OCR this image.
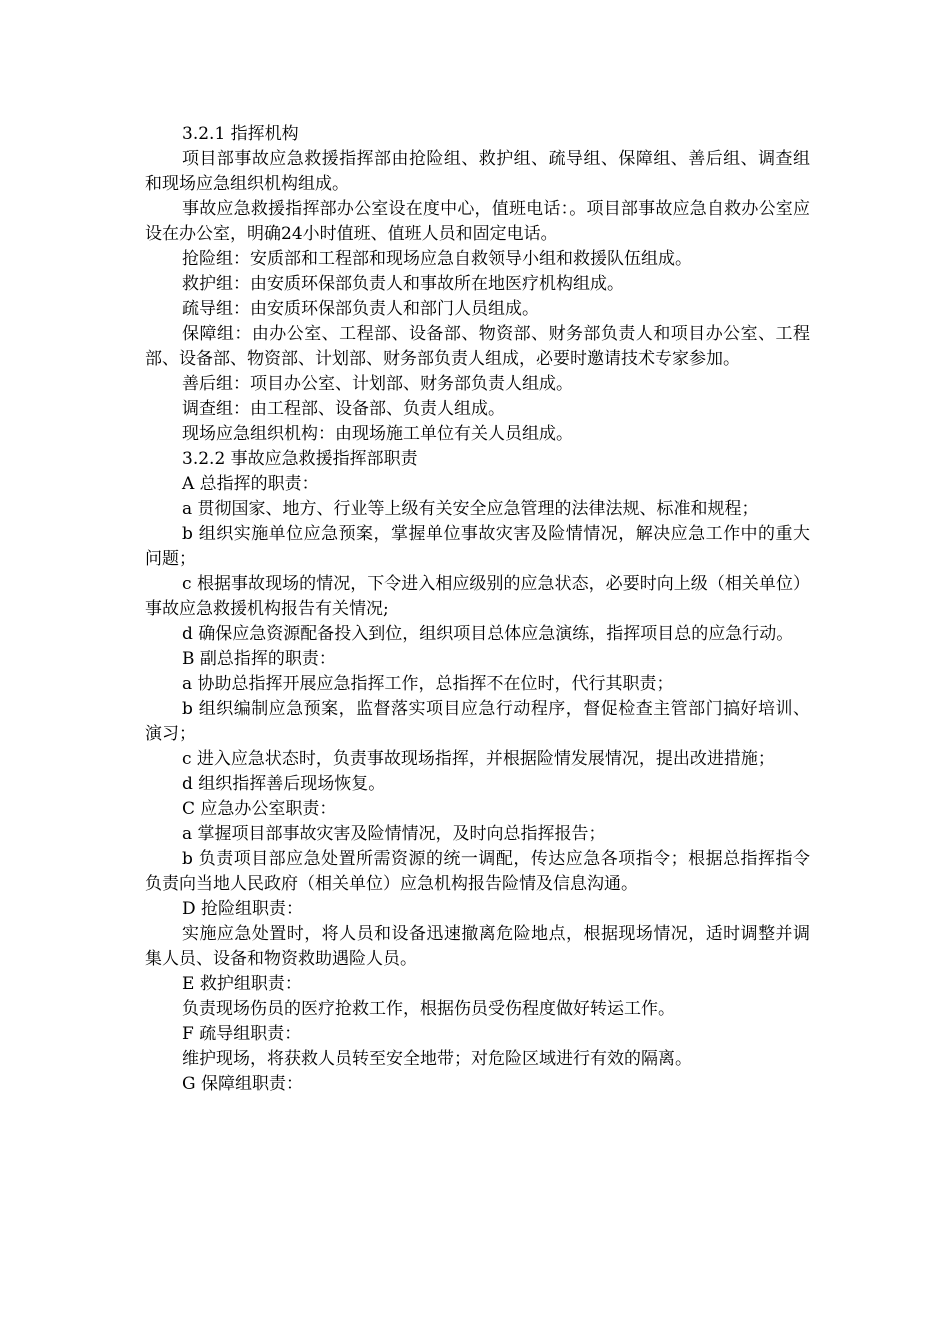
3.2.1 指挥机构

项目部事故应急救援指挥部由抢险组、救护组、疏导组、保障组、善后组、调查组和现场应急组织机构组成。

事故应急救援指挥部办公室设在度中心，值班电话：。项目部事故应急自救办公室应设在办公室，明确24小时值班、值班人员和固定电话。

抢险组：安质部和工程部和现场应急自救领导小组和救援队伍组成。

救护组：由安质环保部负责人和事故所在地医疗机构组成。

疏导组：由安质环保部负责人和部门人员组成。

保障组：由办公室、工程部、设备部、物资部、财务部负责人和项目办公室、工程部、设备部、物资部、计划部、财务部负责人组成，必要时邀请技术专家参加。

善后组：项目办公室、计划部、财务部负责人组成。

调查组：由工程部、设备部、负责人组成。

现场应急组织机构：由现场施工单位有关人员组成。

3.2.2 事故应急救援指挥部职责

A 总指挥的职责：

a 贯彻国家、地方、行业等上级有关安全应急管理的法律法规、标准和规程；

b 组织实施单位应急预案，掌握单位事故灾害及险情情况，解决应急工作中的重大问题；

c 根据事故现场的情况，下令进入相应级别的应急状态，必要时向上级（相关单位）事故应急救援机构报告有关情况;

d 确保应急资源配备投入到位，组织项目总体应急演练，指挥项目总的应急行动。

B 副总指挥的职责：

a 协助总指挥开展应急指挥工作，总指挥不在位时，代行其职责；

b 组织编制应急预案，监督落实项目应急行动程序，督促检查主管部门搞好培训、演习；

c 进入应急状态时，负责事故现场指挥，并根据险情发展情况，提出改进措施；

d 组织指挥善后现场恢复。

C 应急办公室职责：

a 掌握项目部事故灾害及险情情况，及时向总指挥报告；

b 负责项目部应急处置所需资源的统一调配，传达应急各项指令；根据总指挥指令负责向当地人民政府（相关单位）应急机构报告险情及信息沟通。

D 抢险组职责：

实施应急处置时，将人员和设备迅速撤离危险地点，根据现场情况，适时调整并调集人员、设备和物资救助遇险人员。

E 救护组职责：

负责现场伤员的医疗抢救工作，根据伤员受伤程度做好转运工作。

F 疏导组职责：

维护现场，将获救人员转至安全地带；对危险区域进行有效的隔离。

G 保障组职责：
